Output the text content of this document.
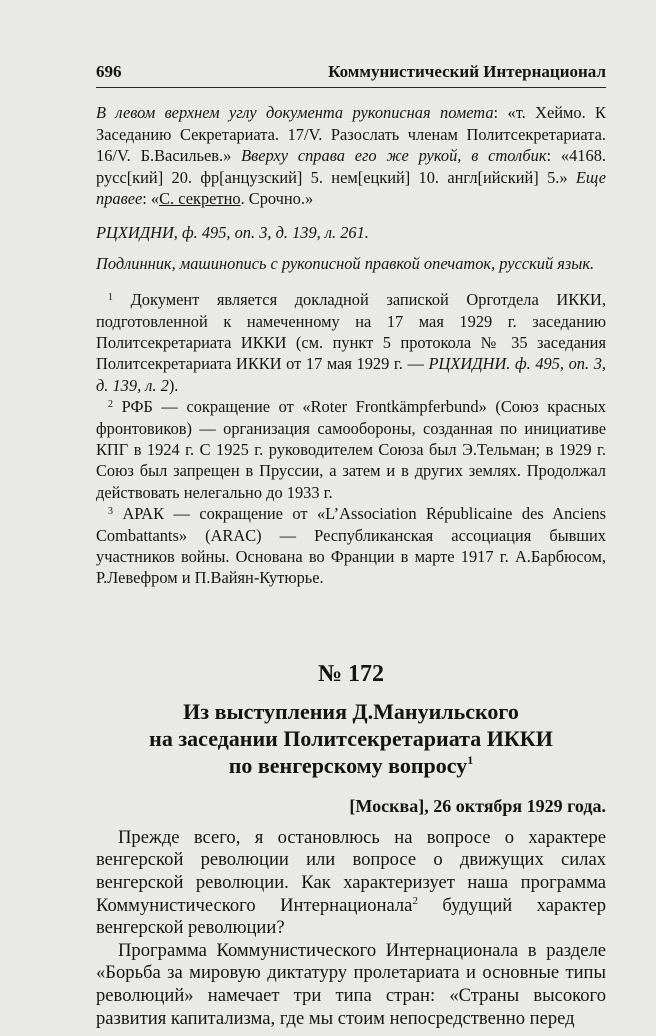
696	Коммунистический Интернационал

В левом верхнем углу документа рукописная помета: «т. Хеймо. К Заседанию Секретариата. 17/V. Разослать членам Политсекретариата. 16/V. Б.Васильев.» Вверху справа его же рукой, в столбик: «4168. русс[кий] 20. фр[анцузский] 5. нем[ецкий] 10. англ[ийский] 5.» Еще правее: «С. секретно. Срочно.»

РЦХИДНИ, ф. 495, оп. 3, д. 139, л. 261.

Подлинник, машинопись с рукописной правкой опечаток, русский язык.

$^1$ Документ является докладной запиской Орготдела ИККИ, подготовленной к намеченному на 17 мая 1929 г. заседанию Политсекретариата ИККИ (см. пункт 5 протокола № 35 заседания Политсекретариата ИККИ от 17 мая 1929 г. — РЦХИДНИ. ф. 495, оп. 3, д. 139, л. 2).

$^2$ РФБ — сокращение от «Roter Frontkämpferbund» (Союз красных фронтовиков) — организация самообороны, созданная по инициативе КПГ в 1924 г. С 1925 г. руководителем Союза был Э.Тельман; в 1929 г. Союз был запрещен в Пруссии, а затем и в других землях. Продолжал действовать нелегально до 1933 г.

$^3$ АРАК — сокращение от «L’Association Républicaine des Anciens Combattants» (ARAC) — Республиканская ассоциация бывших участников войны. Основана во Франции в марте 1917 г. А.Барбюсом, Р.Левефром и П.Вайян-Кутюрье.

№ 172
Из выступления Д.Мануильского
на заседании Политсекретариата ИККИ
по венгерскому вопросу$^1$
[Москва], 26 октября 1929 года.

Прежде всего, я остановлюсь на вопросе о характере венгерской революции или вопросе о движущих силах венгерской революции. Как характеризует наша программа Коммунистического Интернационала$^2$ будущий характер венгерской революции?

Программа Коммунистического Интернационала в разделе «Борьба за мировую диктатуру пролетариата и основные типы революций» намечает три типа стран: «Страны высокого развития капитализма, где мы стоим непосредственно перед
